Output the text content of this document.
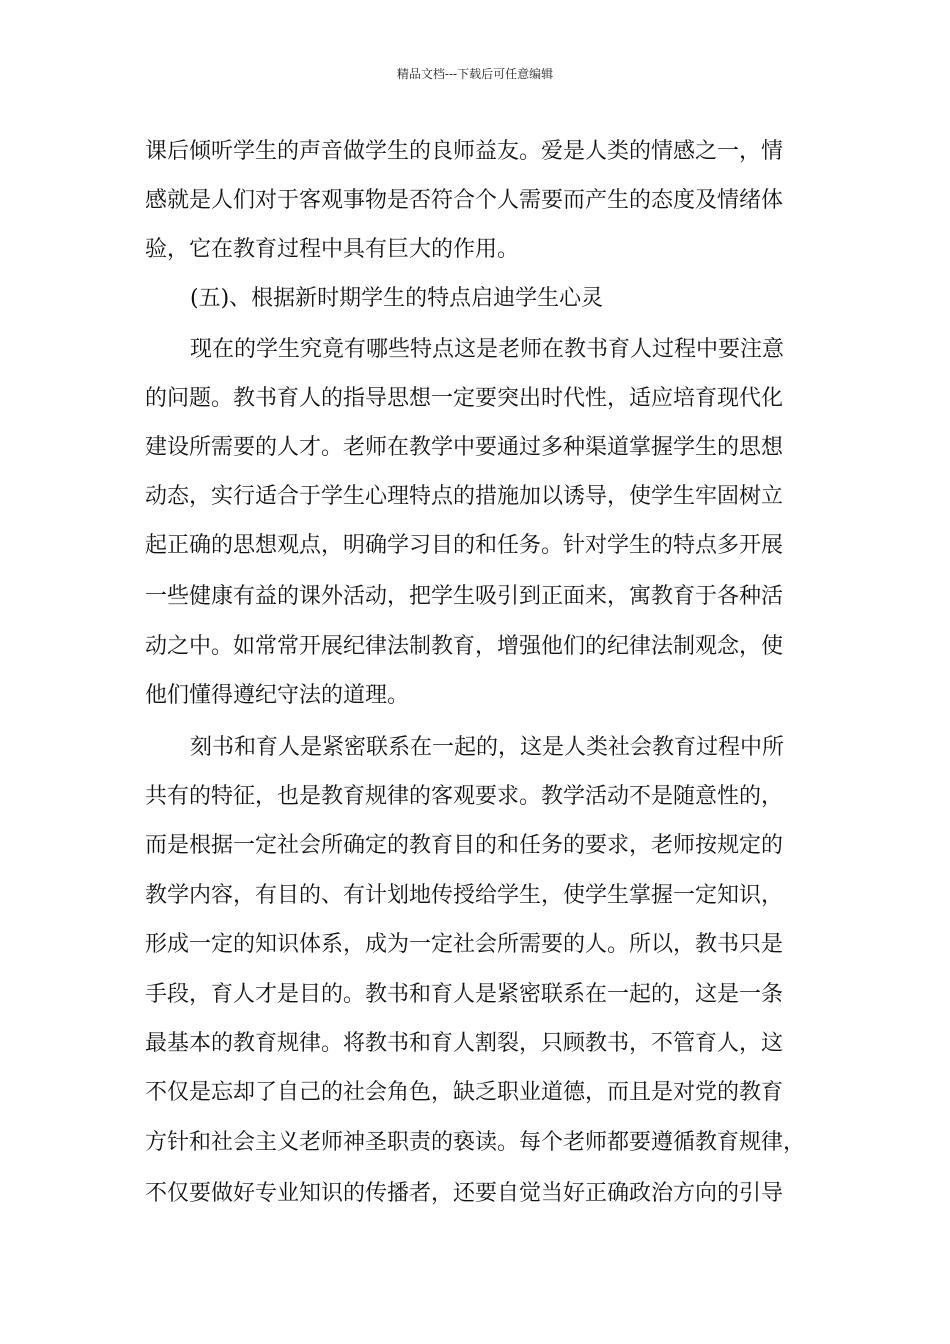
精品文档---下载后可任意编辑
课后倾听学生的声音做学生的良师益友。爱是人类的情感之一，情
感就是人们对于客观事物是否符合个人需要而产生的态度及情绪体
验，它在教育过程中具有巨大的作用。
(五)、根据新时期学生的特点启迪学生心灵
现在的学生究竟有哪些特点这是老师在教书育人过程中要注意
的问题。教书育人的指导思想一定要突出时代性，适应培育现代化
建设所需要的人才。老师在教学中要通过多种渠道掌握学生的思想
动态，实行适合于学生心理特点的措施加以诱导，使学生牢固树立
起正确的思想观点，明确学习目的和任务。针对学生的特点多开展
一些健康有益的课外活动，把学生吸引到正面来，寓教育于各种活
动之中。如常常开展纪律法制教育，增强他们的纪律法制观念，使
他们懂得遵纪守法的道理。
刻书和育人是紧密联系在一起的，这是人类社会教育过程中所
共有的特征，也是教育规律的客观要求。教学活动不是随意性的，
而是根据一定社会所确定的教育目的和任务的要求，老师按规定的
教学内容，有目的、有计划地传授给学生，使学生掌握一定知识，
形成一定的知识体系，成为一定社会所需要的人。所以，教书只是
手段，育人才是目的。教书和育人是紧密联系在一起的，这是一条
最基本的教育规律。将教书和育人割裂，只顾教书，不管育人，这
不仅是忘却了自己的社会角色，缺乏职业道德，而且是对党的教育
方针和社会主义老师神圣职责的亵读。每个老师都要遵循教育规律，
不仅要做好专业知识的传播者，还要自觉当好正确政治方向的引导
